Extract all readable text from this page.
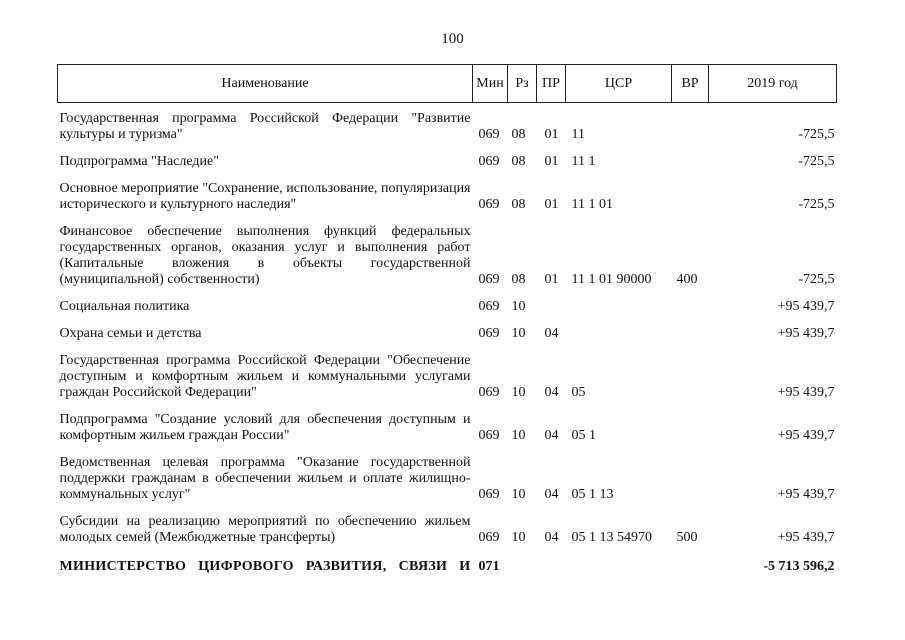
100
Наименование	Мин	Рз	ПР	ЦСР	ВР	2019 год

Государственная программа Российской Федерации "Развитие культуры и туризма"	069	08	01	11		-725,5
Подпрограмма "Наследие"	069	08	01	11 1		-725,5
Основное мероприятие "Сохранение, использование, популяризация исторического и культурного наследия"	069	08	01	11 1 01		-725,5
Финансовое обеспечение выполнения функций федеральных государственных органов, оказания услуг и выполнения работ (Капитальные вложения в объекты государственной (муниципальной) собственности)	069	08	01	11 1 01 90000	400	-725,5
Социальная политика	069	10				+95 439,7
Охрана семьи и детства	069	10	04			+95 439,7
Государственная программа Российской Федерации "Обеспечение доступным и комфортным жильем и коммунальными услугами граждан Российской Федерации"	069	10	04	05		+95 439,7
Подпрограмма "Создание условий для обеспечения доступным и комфортным жильем граждан России"	069	10	04	05 1		+95 439,7
Ведомственная целевая программа "Оказание государственной поддержки гражданам в обеспечении жильем и оплате жилищно-коммунальных услуг"	069	10	04	05 1 13		+95 439,7
Субсидии на реализацию мероприятий по обеспечению жильем молодых семей (Межбюджетные трансферты)	069	10	04	05 1 13 54970	500	+95 439,7
МИНИСТЕРСТВО ЦИФРОВОГО РАЗВИТИЯ, СВЯЗИ И	071					-5 713 596,2
